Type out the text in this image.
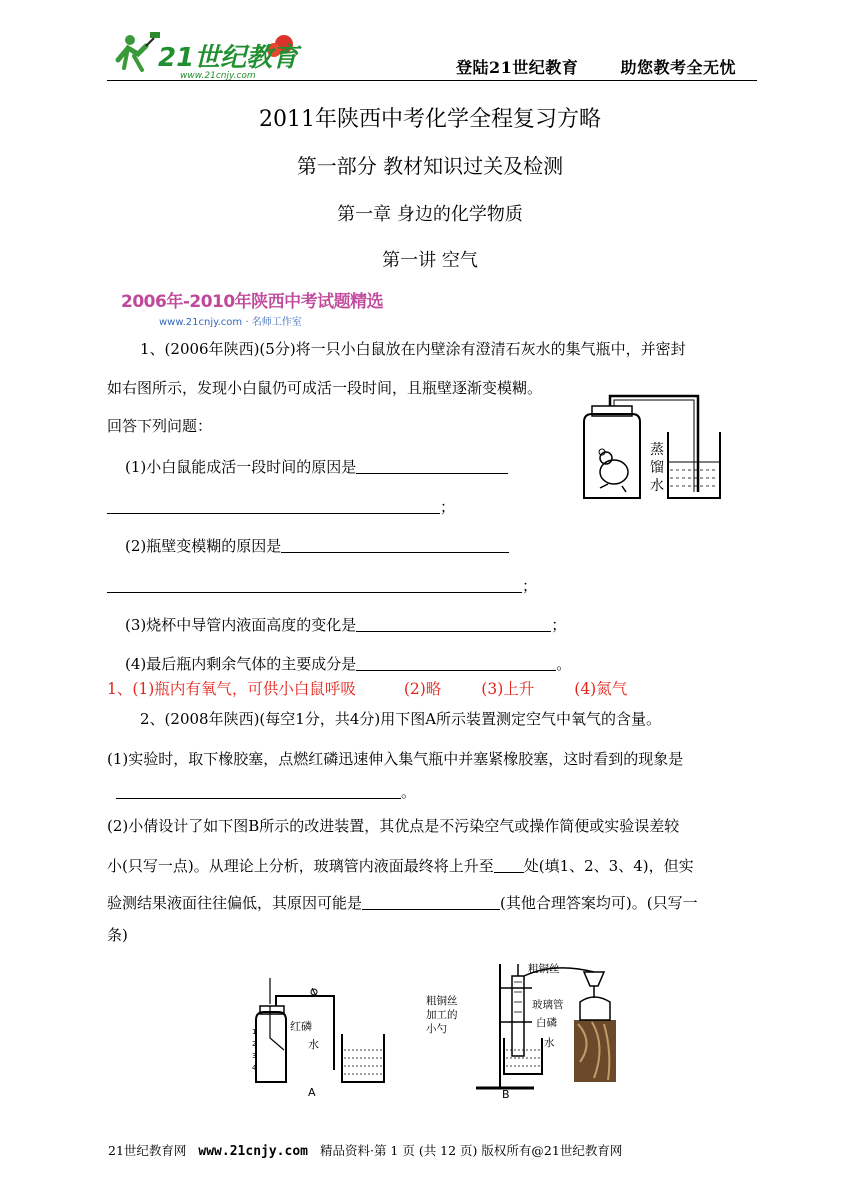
21世纪教育
www.21cnjy.com	登陆21世纪教育	助您教考全无忧
2011年陕西中考化学全程复习方略
第一部分 教材知识过关及检测
第一章 身边的化学物质
第一讲 空气
2006年-2010年陕西中考试题精选
www.21cnjy.com · 名师工作室
1、(2006年陕西)(5分)将一只小白鼠放在内壁涂有澄清石灰水的集气瓶中，并密封
如右图所示，发现小白鼠仍可成活一段时间，且瓶壁逐渐变模糊。
回答下列问题：
(1)小白鼠能成活一段时间的原因是
；
(2)瓶壁变模糊的原因是
；
(3)烧杯中导管内液面高度的变化是	；
(4)最后瓶内剩余气体的主要成分是	。
蒸
馏
水
1、(1)瓶内有氧气，可供小白鼠呼吸	(2)略	(3)上升	(4)氮气
2、(2008年陕西)(每空1分，共4分)用下图A所示装置测定空气中氧气的含量。
(1)实验时，取下橡胶塞，点燃红磷迅速伸入集气瓶中并塞紧橡胶塞，这时看到的现象是
。
(2)小倩设计了如下图B所示的改进装置，其优点是不污染空气或操作简便或实验误差较
小(只写一点)。从理论上分析，玻璃管内液面最终将上升至 处(填1、2、3、4)，但实
验测结果液面往往偏低，其原因可能是	(其他合理答案均可)。(只写一
条)
1
2
3
4
红磷
水
A
粗铜丝
玻璃管
粗铜丝
加工的
小勺	白磷
水
B
21世纪教育网 www.21cnjy.com 精品资料·第 1 页 (共 12 页) 版权所有@21世纪教育网
